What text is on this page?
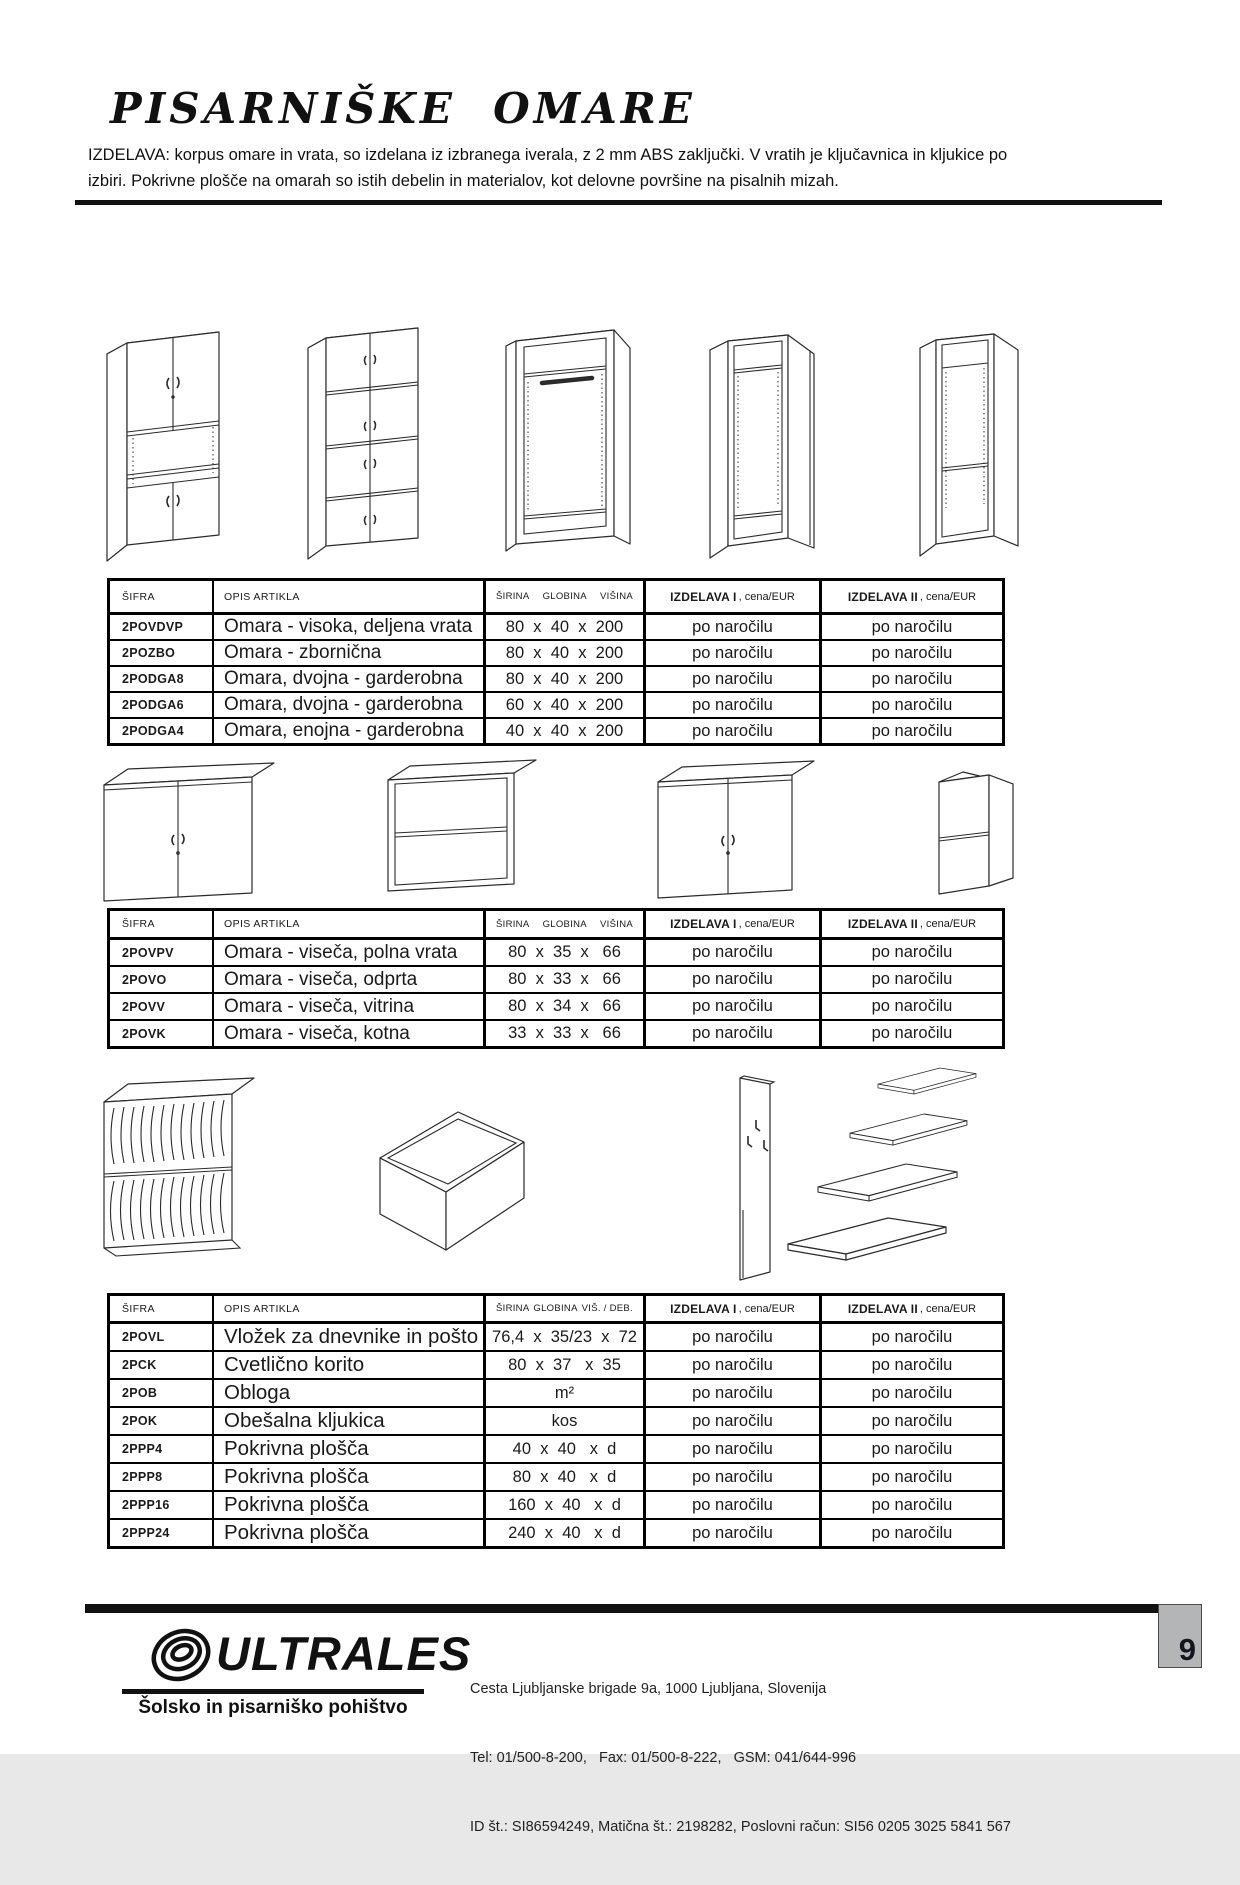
PISARNIŠKE  OMARE
IZDELAVA: korpus omare in vrata, so izdelana iz izbranega iverala, z 2 mm ABS zaključki. V vratih je ključavnica in kljukice po
izbiri. Pokrivne plošče na omarah so istih debelin in materialov, kot delovne površine na pisalnih mizah.
ŠIFRA	OPIS ARTIKLA	ŠIRINA GLOBINA VIŠINA	IZDELAVA I , cena/EUR	IZDELAVA II , cena/EUR
2POVDVP	Omara - visoka, deljena vrata	80  x  40  x  200	po naročilu	po naročilu
2POZBO	Omara - zbornična	80  x  40  x  200	po naročilu	po naročilu
2PODGA8	Omara, dvojna - garderobna	80  x  40  x  200	po naročilu	po naročilu
2PODGA6	Omara, dvojna - garderobna	60  x  40  x  200	po naročilu	po naročilu
2PODGA4	Omara, enojna - garderobna	40  x  40  x  200	po naročilu	po naročilu
ŠIFRA	OPIS ARTIKLA	ŠIRINA GLOBINA VIŠINA	IZDELAVA I , cena/EUR	IZDELAVA II , cena/EUR
2POVPV	Omara - viseča, polna vrata	80  x  35  x   66	po naročilu	po naročilu
2POVO	Omara - viseča, odprta	80  x  33  x   66	po naročilu	po naročilu
2POVV	Omara - viseča, vitrina	80  x  34  x   66	po naročilu	po naročilu
2POVK	Omara - viseča, kotna	33  x  33  x   66	po naročilu	po naročilu
ŠIFRA	OPIS ARTIKLA	ŠIRINA GLOBINA VIŠ. / DEB.	IZDELAVA I , cena/EUR	IZDELAVA II , cena/EUR
2POVL	Vložek za dnevnike in pošto 76,4  x  35/23  x  72	po naročilu	po naročilu
2PCK	Cvetlično korito	80  x  37   x  35	po naročilu	po naročilu
2POB	Obloga	m²	po naročilu	po naročilu
2POK	Obešalna kljukica	kos	po naročilu	po naročilu
2PPP4	Pokrivna plošča	40  x  40   x  d	po naročilu	po naročilu
2PPP8	Pokrivna plošča	80  x  40   x  d	po naročilu	po naročilu
2PPP16	Pokrivna plošča	160  x  40   x  d	po naročilu	po naročilu
2PPP24	Pokrivna plošča	240  x  40   x  d	po naročilu	po naročilu
9
ULTRALES
Šolsko in pisarniško pohištvo

Cesta Ljubljanske brigade 9a, 1000 Ljubljana, Slovenija

Tel: 01/500-8-200,   Fax: 01/500-8-222,   GSM: 041/644-996

ID št.: SI86594249, Matična št.: 2198282, Poslovni račun: SI56 0205 3025 5841 567
